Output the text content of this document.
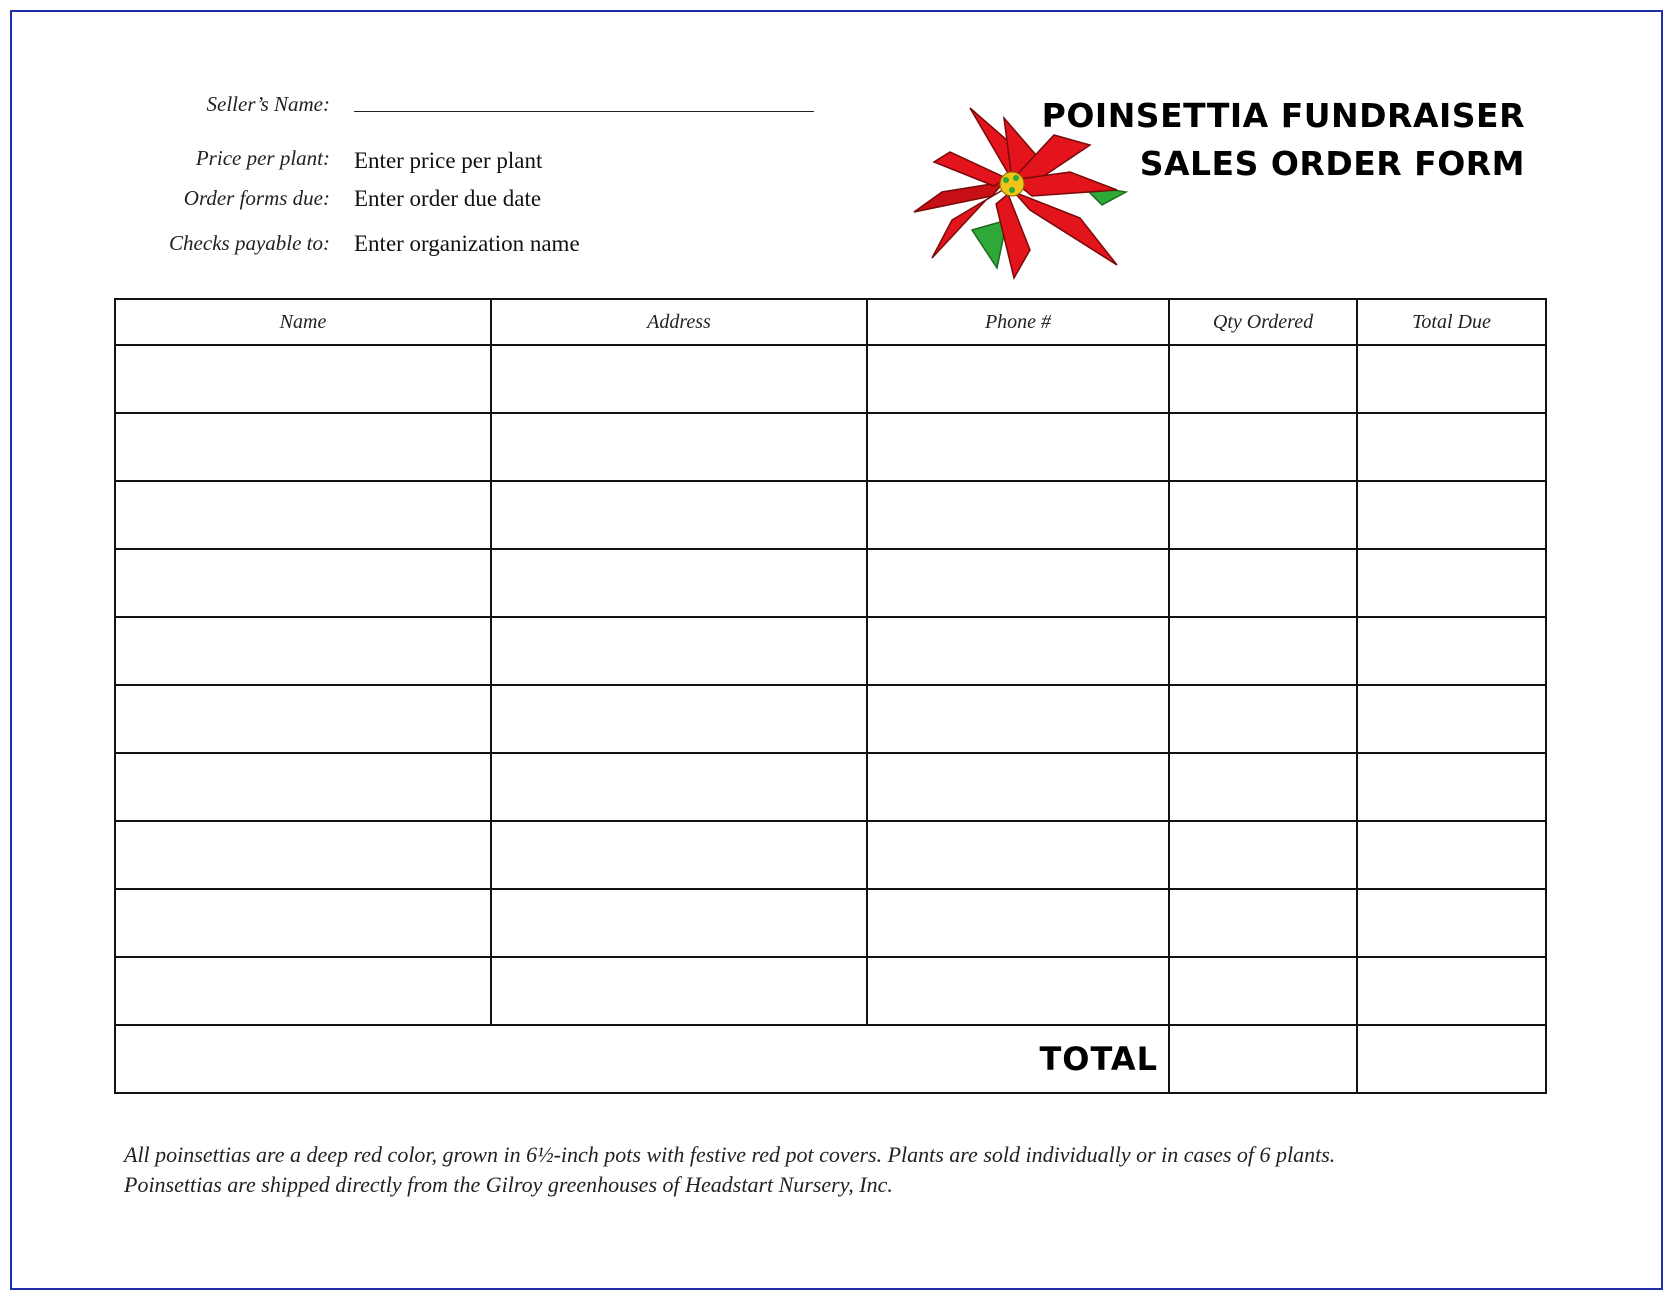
Seller’s Name:
Price per plant: Enter price per plant
Order forms due: Enter order due date
Checks payable to: Enter organization name
POINSETTIA FUNDRAISER
SALES ORDER FORM
Name	Address	Phone #	Qty Ordered	Total Due

TOTAL				
All poinsettias are a deep red color, grown in 6½-inch pots with festive red pot covers. Plants are sold individually or in cases of 6 plants.
Poinsettias are shipped directly from the Gilroy greenhouses of Headstart Nursery, Inc.
